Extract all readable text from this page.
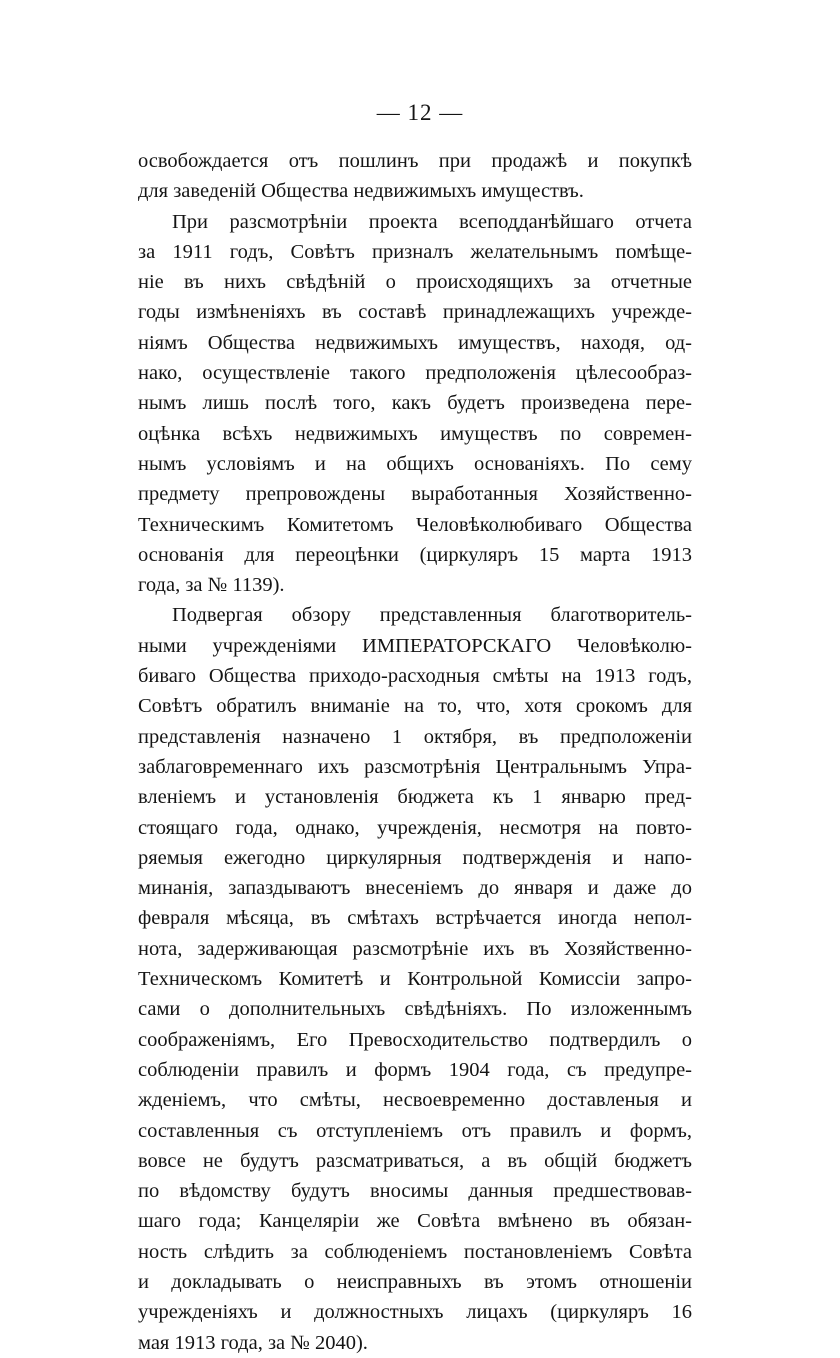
— 12 —
освобождается отъ пошлинъ при продажѣ и покупкѣ
для заведеній Общества недвижимыхъ имуществъ.
При разсмотрѣніи проекта всеподданѣйшаго отчета
за 1911 годъ, Совѣтъ призналъ желательнымъ помѣще-
ніе въ нихъ свѣдѣній о происходящихъ за отчетные
годы измѣненіяхъ въ составѣ принадлежащихъ учрежде-
ніямъ Общества недвижимыхъ имуществъ, находя, од-
нако, осуществленіе такого предположенія цѣлесообраз-
нымъ лишь послѣ того, какъ будетъ произведена пере-
оцѣнка всѣхъ недвижимыхъ имуществъ по современ-
нымъ условіямъ и на общихъ основаніяхъ. По сему
предмету препровождены выработанныя Хозяйственно-
Техническимъ Комитетомъ Человѣколюбиваго Общества
основанія для переоцѣнки (циркуляръ 15 марта 1913
года, за № 1139).
Подвергая обзору представленныя благотворитель-
ными учрежденіями ИМПЕРАТОРСКАГО Человѣколю-
биваго Общества приходо-расходныя смѣты на 1913 годъ,
Совѣтъ обратилъ вниманіе на то, что, хотя срокомъ для
представленія назначено 1 октября, въ предположеніи
заблаговременнаго ихъ разсмотрѣнія Центральнымъ Упра-
вленіемъ и установленія бюджета къ 1 январю пред-
стоящаго года, однако, учрежденія, несмотря на повто-
ряемыя ежегодно циркулярныя подтвержденія и напо-
минанія, запаздываютъ внесеніемъ до января и даже до
февраля мѣсяца, въ смѣтахъ встрѣчается иногда непол-
нота, задерживающая разсмотрѣніе ихъ въ Хозяйственно-
Техническомъ Комитетѣ и Контрольной Комиссіи запро-
сами о дополнительныхъ свѣдѣніяхъ. По изложеннымъ
соображеніямъ, Его Превосходительство подтвердилъ о
соблюденіи правилъ и формъ 1904 года, съ предупре-
жденіемъ, что смѣты, несвоевременно доставленыя и
составленныя съ отступленіемъ отъ правилъ и формъ,
вовсе не будутъ разсматриваться, а въ общій бюджетъ
по вѣдомству будутъ вносимы данныя предшествовав-
шаго года; Канцеляріи же Совѣта вмѣнено въ обязан-
ность слѣдить за соблюденіемъ постановленіемъ Совѣта
и докладывать о неисправныхъ въ этомъ отношеніи
учрежденіяхъ и должностныхъ лицахъ (циркуляръ 16
мая 1913 года, за № 2040).
